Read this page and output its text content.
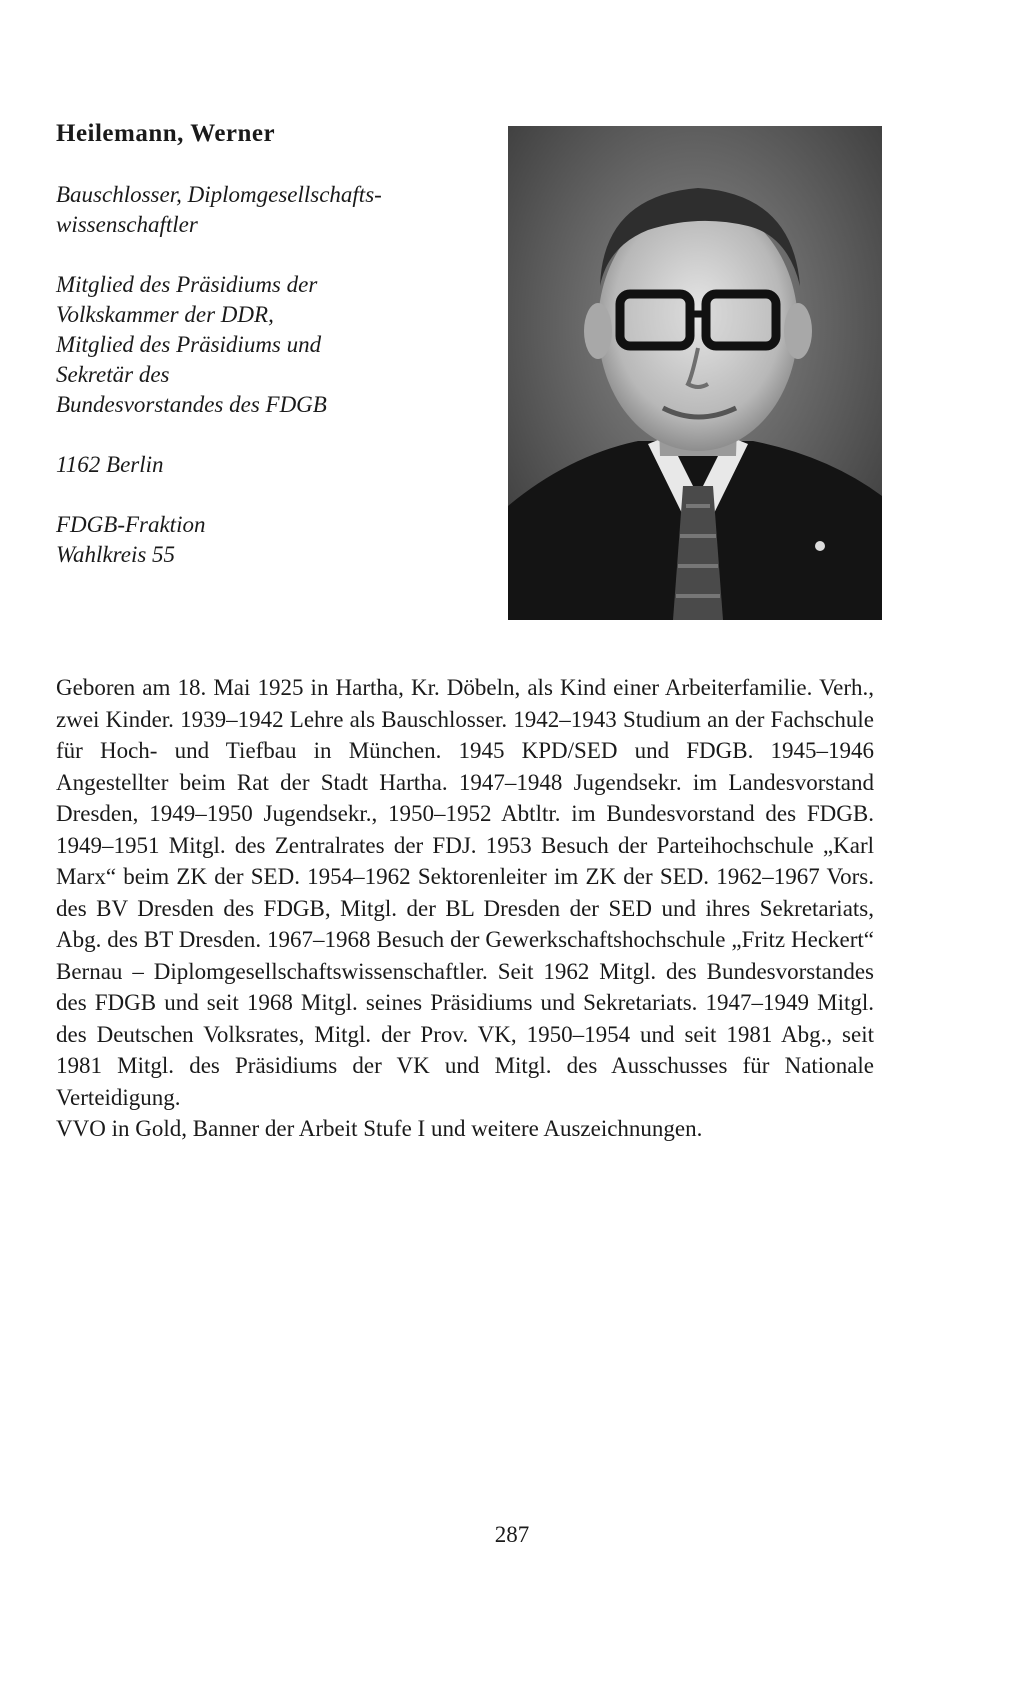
Heilemann, Werner
Bauschlosser, Diplomgesellschafts-
wissenschaftler
Mitglied des Präsidiums der
Volkskammer der DDR,
Mitglied des Präsidiums und
Sekretär des
Bundesvorstandes des FDGB
1162 Berlin
FDGB-Fraktion
Wahlkreis 55

Geboren am 18. Mai 1925 in Hartha, Kr. Döbeln, als Kind einer Arbeiterfamilie. Verh., zwei Kinder. 1939–1942 Lehre als Bauschlosser. 1942–1943 Studium an der Fachschule für Hoch- und Tiefbau in München. 1945 KPD/SED und FDGB. 1945–1946 Angestellter beim Rat der Stadt Hartha. 1947–1948 Jugendsekr. im Landesvorstand Dresden, 1949–1950 Jugendsekr., 1950–1952 Abtltr. im Bundesvorstand des FDGB. 1949–1951 Mitgl. des Zentralrates der FDJ. 1953 Besuch der Parteihochschule „Karl Marx“ beim ZK der SED. 1954–1962 Sektorenleiter im ZK der SED. 1962–1967 Vors. des BV Dresden des FDGB, Mitgl. der BL Dresden der SED und ihres Sekretariats, Abg. des BT Dresden. 1967–1968 Besuch der Gewerkschaftshochschule „Fritz Heckert“ Bernau – Diplomgesellschaftswissenschaftler. Seit 1962 Mitgl. des Bundesvorstandes des FDGB und seit 1968 Mitgl. seines Präsidiums und Sekretariats. 1947–1949 Mitgl. des Deutschen Volksrates, Mitgl. der Prov. VK, 1950–1954 und seit 1981 Abg., seit 1981 Mitgl. des Präsidiums der VK und Mitgl. des Ausschusses für Nationale Verteidigung.

VVO in Gold, Banner der Arbeit Stufe I und weitere Auszeichnungen.

287
